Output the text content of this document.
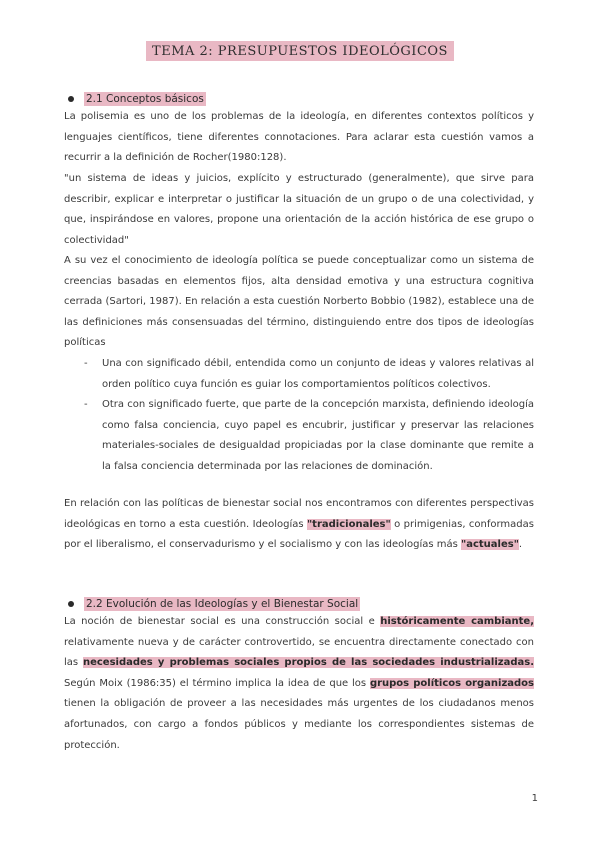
TEMA 2: PRESUPUESTOS IDEOLÓGICOS
2.1 Conceptos básicos

La polisemia es uno de los problemas de la ideología, en diferentes contextos políticos y lenguajes científicos, tiene diferentes connotaciones. Para aclarar esta cuestión vamos a recurrir a la definición de Rocher(1980:128).

"un sistema de ideas y juicios, explícito y estructurado (generalmente), que sirve para describir, explicar e interpretar o justificar la situación de un grupo o de una colectividad, y que, inspirándose en valores, propone una orientación de la acción histórica de ese grupo o colectividad"

A su vez el conocimiento de ideología política se puede conceptualizar como un sistema de creencias basadas en elementos fijos, alta densidad emotiva y una estructura cognitiva cerrada (Sartori, 1987). En relación a esta cuestión Norberto Bobbio (1982), establece una de las definiciones más consensuadas del término, distinguiendo entre dos tipos de ideologías políticas

- Una con significado débil, entendida como un conjunto de ideas y valores relativas al orden político cuya función es guiar los comportamientos políticos colectivos.
- Otra con significado fuerte, que parte de la concepción marxista, definiendo ideología como falsa conciencia, cuyo papel es encubrir, justificar y preservar las relaciones materiales-sociales de desigualdad propiciadas por la clase dominante que remite a la falsa conciencia determinada por las relaciones de dominación.

En relación con las políticas de bienestar social nos encontramos con diferentes perspectivas ideológicas en torno a esta cuestión. Ideologías "tradicionales" o primigenias, conformadas por el liberalismo, el conservadurismo y el socialismo y con las ideologías más "actuales".

2.2 Evolución de las Ideologías y el Bienestar Social

La noción de bienestar social es una construcción social e históricamente cambiante, relativamente nueva y de carácter controvertido, se encuentra directamente conectado con las necesidades y problemas sociales propios de las sociedades industrializadas. Según Moix (1986:35) el término implica la idea de que los grupos políticos organizados tienen la obligación de proveer a las necesidades más urgentes de los ciudadanos menos afortunados, con cargo a fondos públicos y mediante los correspondientes sistemas de protección.

1
